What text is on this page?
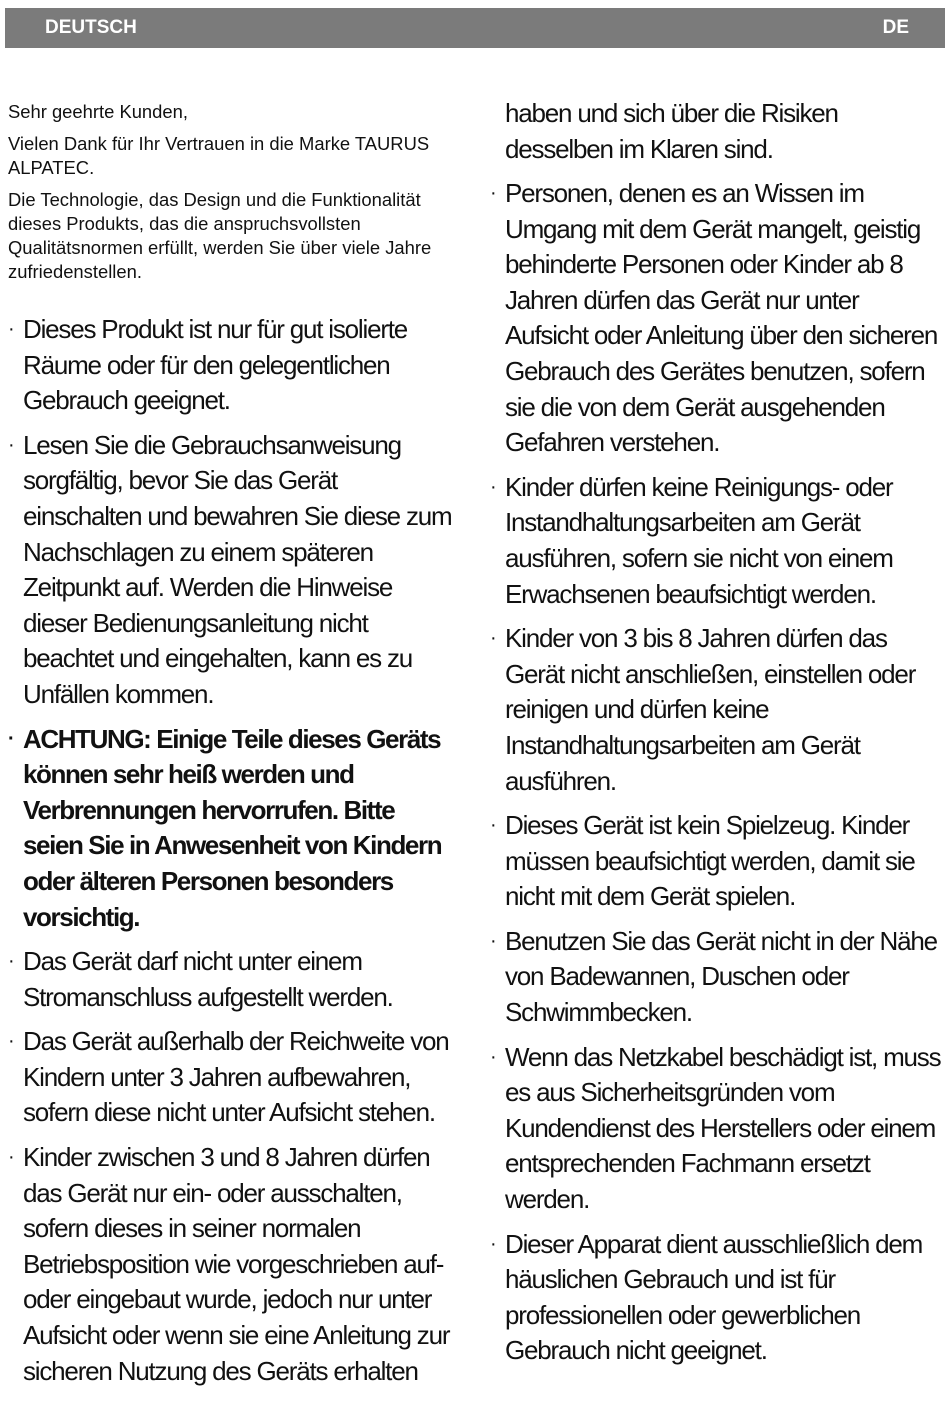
DEUTSCH	DE

Sehr geehrte Kunden,

Vielen Dank für Ihr Vertrauen in die Marke TAURUS ALPATEC.

Die Technologie, das Design und die Funktionalität dieses Produkts, das die anspruchsvollsten Qualitätsnormen erfüllt, werden Sie über viele Jahre zufriedenstellen.

· Dieses Produkt ist nur für gut isolierte Räume oder für den gelegentlichen Gebrauch geeignet.
· Lesen Sie die Gebrauchsanweisung sorgfältig, bevor Sie das Gerät einschalten und bewahren Sie diese zum Nachschlagen zu einem späteren Zeitpunkt auf. Werden die Hinweise dieser Bedienungsanleitung nicht beachtet und eingehalten, kann es zu Unfällen kommen.
· ACHTUNG: Einige Teile dieses Geräts können sehr heiß werden und Verbrennungen hervorrufen. Bitte seien Sie in Anwesenheit von Kindern oder älteren Personen besonders vorsichtig.
· Das Gerät darf nicht unter einem Stromanschluss aufgestellt werden.
· Das Gerät außerhalb der Reichweite von Kindern unter 3 Jahren aufbewahren, sofern diese nicht unter Aufsicht stehen.
· Kinder zwischen 3 und 8 Jahren dürfen das Gerät nur ein- oder ausschalten, sofern dieses in seiner normalen Betriebsposition wie vorgeschrieben auf- oder eingebaut wurde, jedoch nur unter Aufsicht oder wenn sie eine Anleitung zur sicheren Nutzung des Geräts erhalten
haben und sich über die Risiken desselben im Klaren sind.
· Personen, denen es an Wissen im Umgang mit dem Gerät mangelt, geistig behinderte Personen oder Kinder ab 8 Jahren dürfen das Gerät nur unter Aufsicht oder Anleitung über den sicheren Gebrauch des Gerätes benutzen, sofern sie die von dem Gerät ausgehenden Gefahren verstehen.
· Kinder dürfen keine Reinigungs- oder Instandhaltungsarbeiten am Gerät ausführen, sofern sie nicht von einem Erwachsenen beaufsichtigt werden.
· Kinder von 3 bis 8 Jahren dürfen das Gerät nicht anschließen, einstellen oder reinigen und dürfen keine Instandhaltungsarbeiten am Gerät ausführen.
· Dieses Gerät ist kein Spielzeug. Kinder müssen beaufsichtigt werden, damit sie nicht mit dem Gerät spielen.
· Benutzen Sie das Gerät nicht in der Nähe von Badewannen, Duschen oder Schwimmbecken.
· Wenn das Netzkabel beschädigt ist, muss es aus Sicherheitsgründen vom Kundendienst des Herstellers oder einem entsprechenden Fachmann ersetzt werden.
· Dieser Apparat dient ausschließlich dem häuslichen Gebrauch und ist für professionellen oder gewerblichen Gebrauch nicht geeignet.
